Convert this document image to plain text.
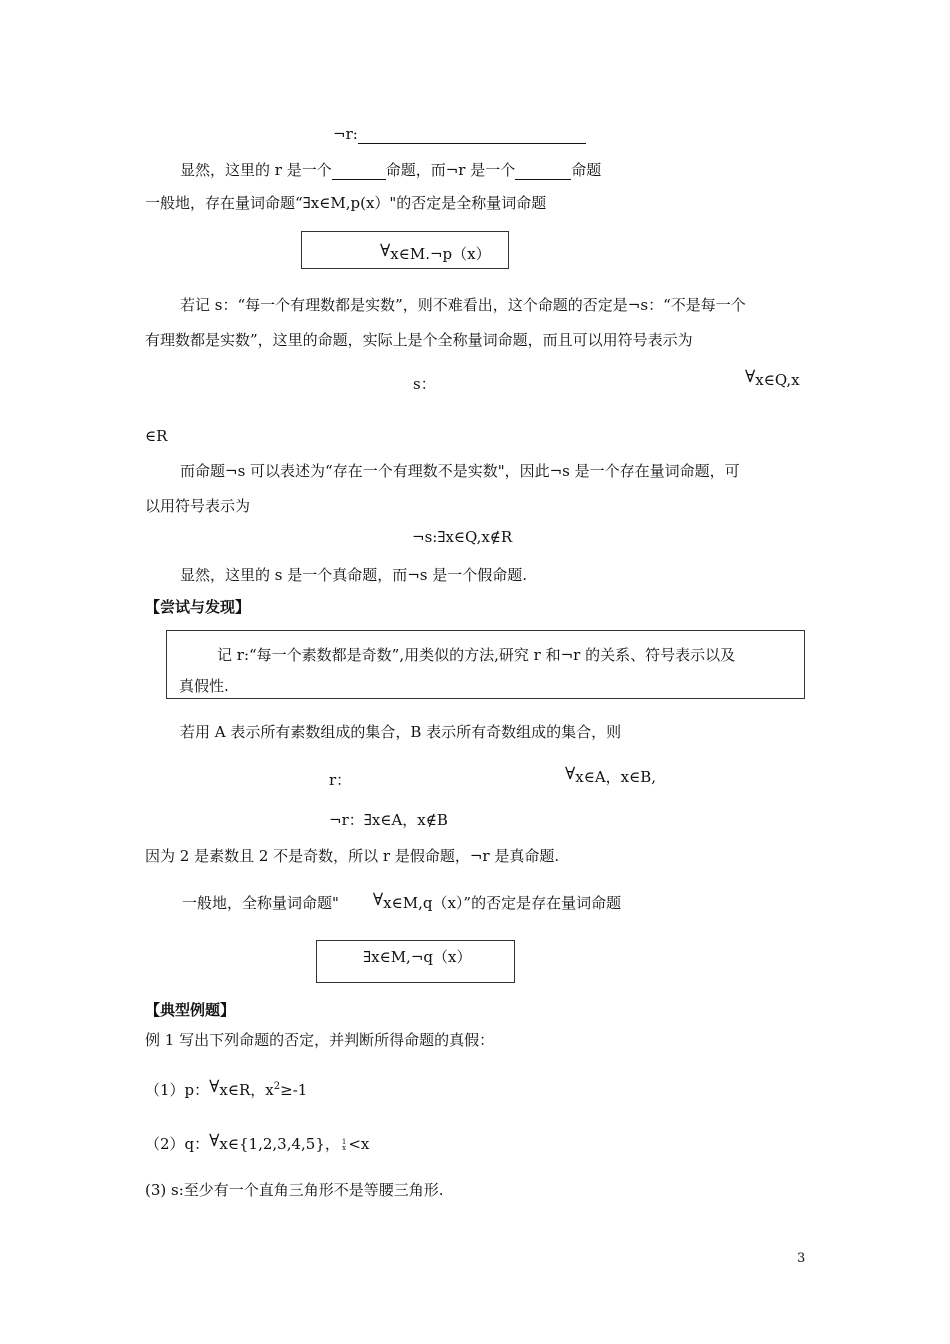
¬r:
显然，这里的 r 是一个	命题，而¬r 是一个	命题
一般地，存在量词命题“∃x∈M,p(x）"的否定是全称量词命题
∀x∈M.¬p（x）
若记 s：“每一个有理数都是实数”，则不难看出，这个命题的否定是¬s：“不是每一个
有理数都是实数”，这里的命题，实际上是个全称量词命题，而且可以用符号表示为
s：	∀x∈Q,x
∈R
而命题¬s 可以表述为“存在一个有理数不是实数"，因此¬s 是一个存在量词命题，可
以用符号表示为
¬s:∃x∈Q,x∉R
显然，这里的 s 是一个真命题，而¬s 是一个假命题.
【尝试与发现】
记 r:“每一个素数都是奇数”,用类似的方法,研究 r 和¬r 的关系、符号表示以及
真假性.
若用 A 表示所有素数组成的集合，B 表示所有奇数组成的集合，则
r：	∀x∈A，x∈B,
¬r：∃x∈A，x∉B
因为 2 是素数且 2 不是奇数，所以 r 是假命题，¬r 是真命题.
一般地，全称量词命题" ∀x∈M,q（x）”的否定是存在量词命题
∃x∈M,¬q（x）
【典型例题】
例 1 写出下列命题的否定，并判断所得命题的真假：
（1）p：∀x∈R，$x^2\ge-1$
（2）q：∀x∈{1,2,3,4,5}， 1
x <x
(3) s:至少有一个直角三角形不是等腰三角形.
3
